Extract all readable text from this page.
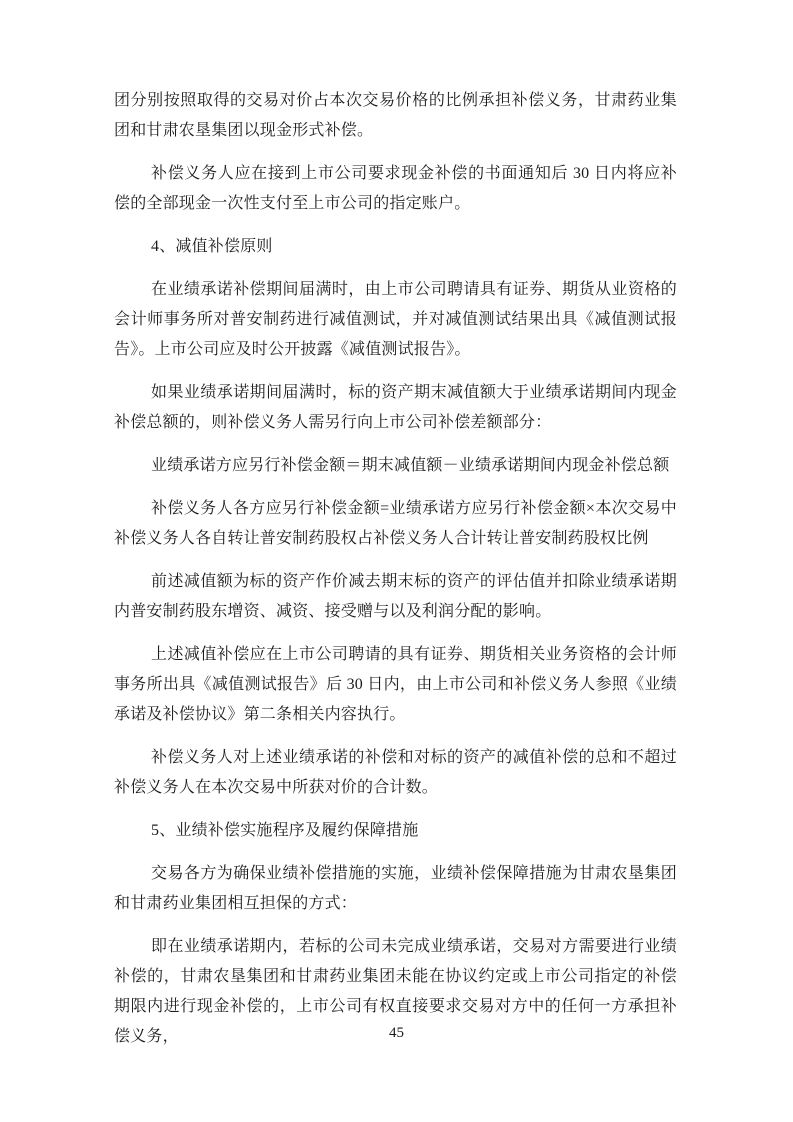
团分别按照取得的交易对价占本次交易价格的比例承担补偿义务，甘肃药业集团和甘肃农垦集团以现金形式补偿。

补偿义务人应在接到上市公司要求现金补偿的书面通知后 30 日内将应补偿的全部现金一次性支付至上市公司的指定账户。

4、减值补偿原则

在业绩承诺补偿期间届满时，由上市公司聘请具有证券、期货从业资格的会计师事务所对普安制药进行减值测试，并对减值测试结果出具《减值测试报告》。上市公司应及时公开披露《减值测试报告》。

如果业绩承诺期间届满时，标的资产期末减值额大于业绩承诺期间内现金补偿总额的，则补偿义务人需另行向上市公司补偿差额部分：

业绩承诺方应另行补偿金额＝期末减值额－业绩承诺期间内现金补偿总额

补偿义务人各方应另行补偿金额=业绩承诺方应另行补偿金额×本次交易中补偿义务人各自转让普安制药股权占补偿义务人合计转让普安制药股权比例

前述减值额为标的资产作价减去期末标的资产的评估值并扣除业绩承诺期内普安制药股东增资、减资、接受赠与以及利润分配的影响。

上述减值补偿应在上市公司聘请的具有证券、期货相关业务资格的会计师事务所出具《减值测试报告》后 30 日内，由上市公司和补偿义务人参照《业绩承诺及补偿协议》第二条相关内容执行。

补偿义务人对上述业绩承诺的补偿和对标的资产的减值补偿的总和不超过补偿义务人在本次交易中所获对价的合计数。

5、业绩补偿实施程序及履约保障措施

交易各方为确保业绩补偿措施的实施，业绩补偿保障措施为甘肃农垦集团和甘肃药业集团相互担保的方式：

即在业绩承诺期内，若标的公司未完成业绩承诺，交易对方需要进行业绩补偿的，甘肃农垦集团和甘肃药业集团未能在协议约定或上市公司指定的补偿期限内进行现金补偿的，上市公司有权直接要求交易对方中的任何一方承担补偿义务，	45
